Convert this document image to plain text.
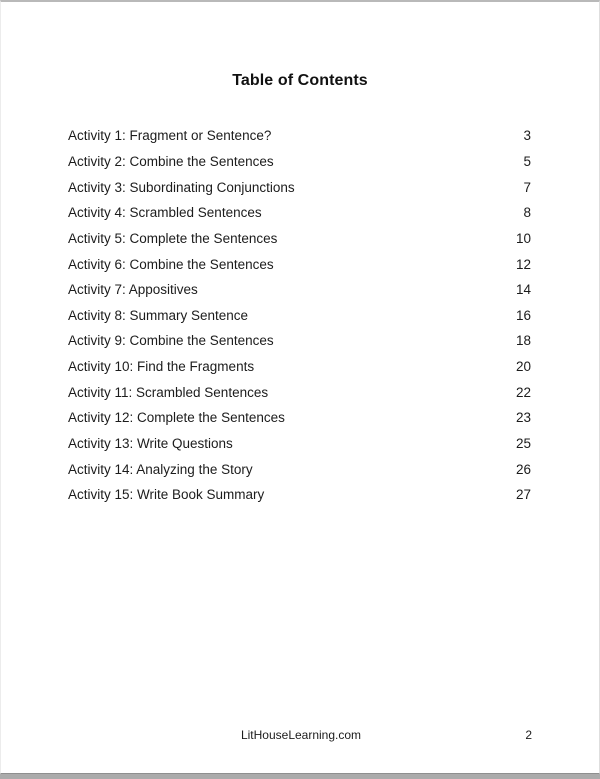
Table of Contents
Activity 1: Fragment or Sentence?	3
Activity 2: Combine the Sentences	5
Activity 3: Subordinating Conjunctions	7
Activity 4: Scrambled Sentences	8
Activity 5: Complete the Sentences	10
Activity 6: Combine the Sentences	12
Activity 7: Appositives	14
Activity 8: Summary Sentence	16
Activity 9: Combine the Sentences	18
Activity 10: Find the Fragments	20
Activity 11: Scrambled Sentences	22
Activity 12: Complete the Sentences	23
Activity 13: Write Questions	25
Activity 14: Analyzing the Story	26
Activity 15: Write Book Summary	27
LitHouseLearning.com	2
